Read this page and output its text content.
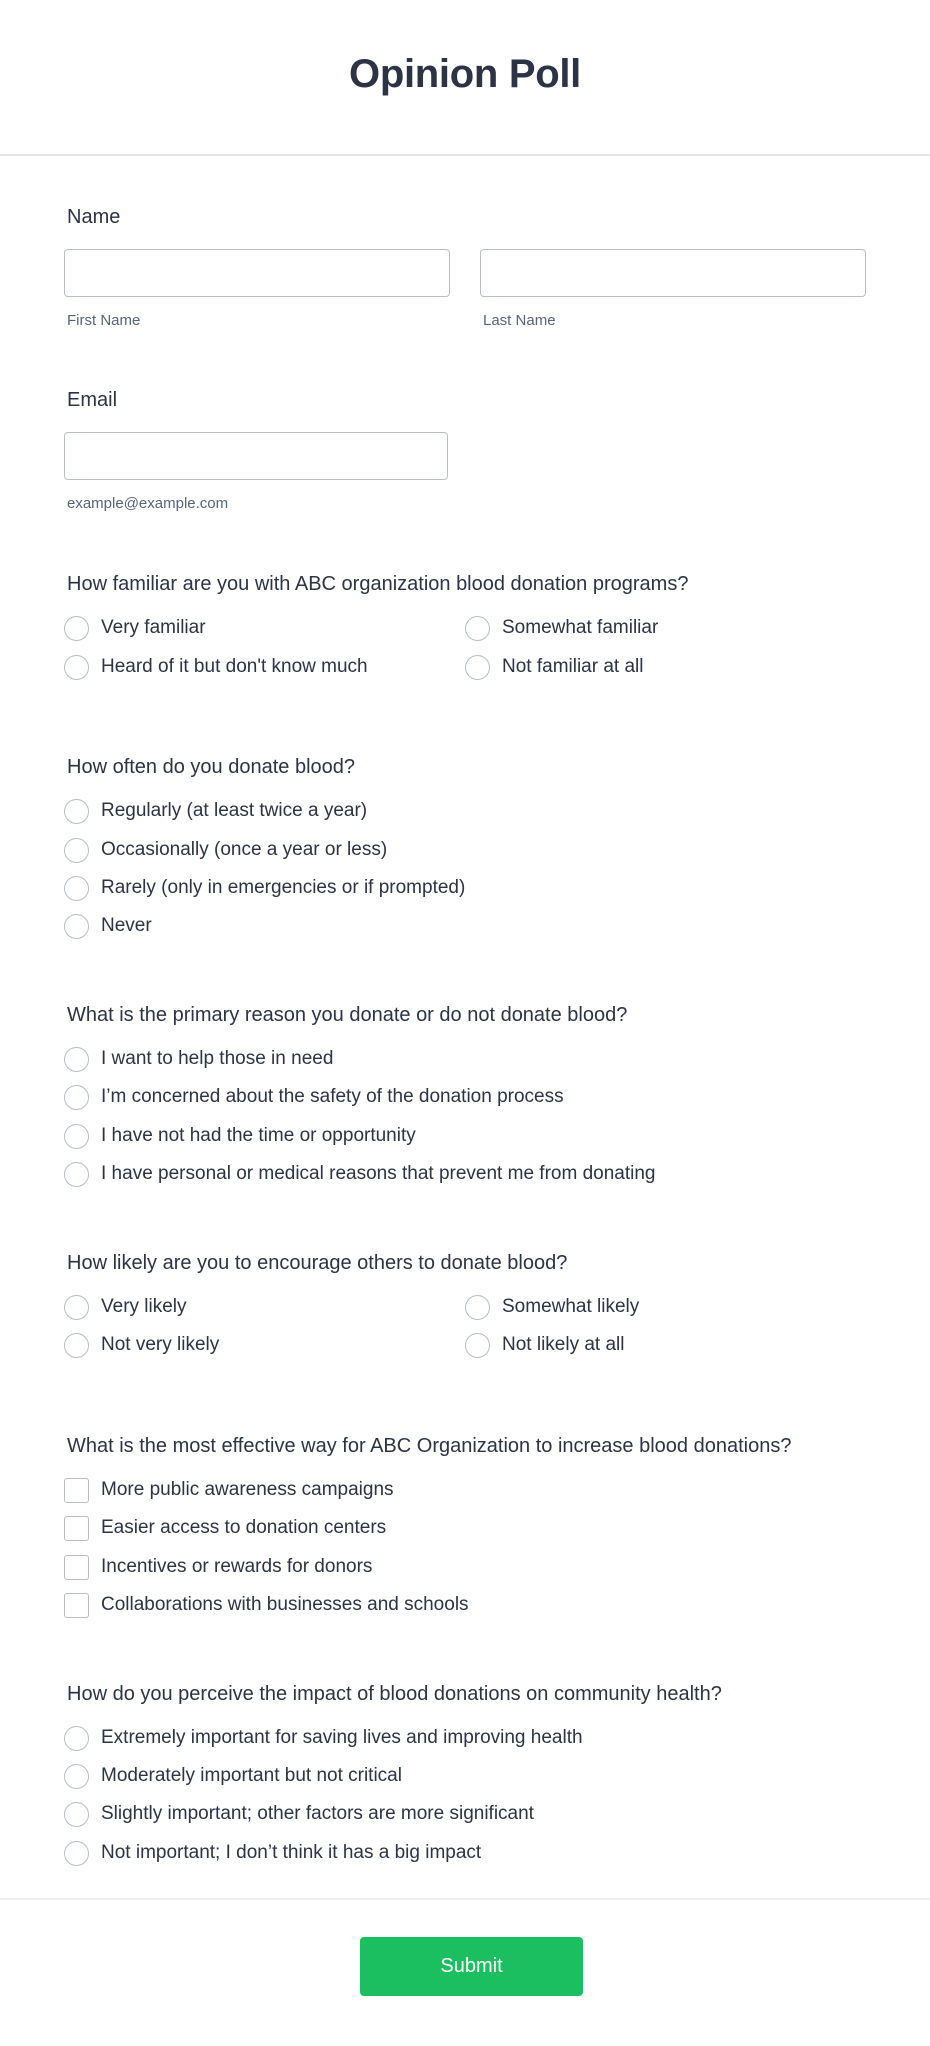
Opinion Poll
Name
First Name	Last Name
Email
example@example.com
How familiar are you with ABC organization blood donation programs?
Very familiar	Somewhat familiar
Heard of it but don't know much	Not familiar at all
How often do you donate blood?
Regularly (at least twice a year)
Occasionally (once a year or less)
Rarely (only in emergencies or if prompted)
Never
What is the primary reason you donate or do not donate blood?
I want to help those in need
I’m concerned about the safety of the donation process
I have not had the time or opportunity
I have personal or medical reasons that prevent me from donating
How likely are you to encourage others to donate blood?
Very likely	Somewhat likely
Not very likely	Not likely at all
What is the most effective way for ABC Organization to increase blood donations?
More public awareness campaigns
Easier access to donation centers
Incentives or rewards for donors
Collaborations with businesses and schools
How do you perceive the impact of blood donations on community health?
Extremely important for saving lives and improving health
Moderately important but not critical
Slightly important; other factors are more significant
Not important; I don’t think it has a big impact
Submit
